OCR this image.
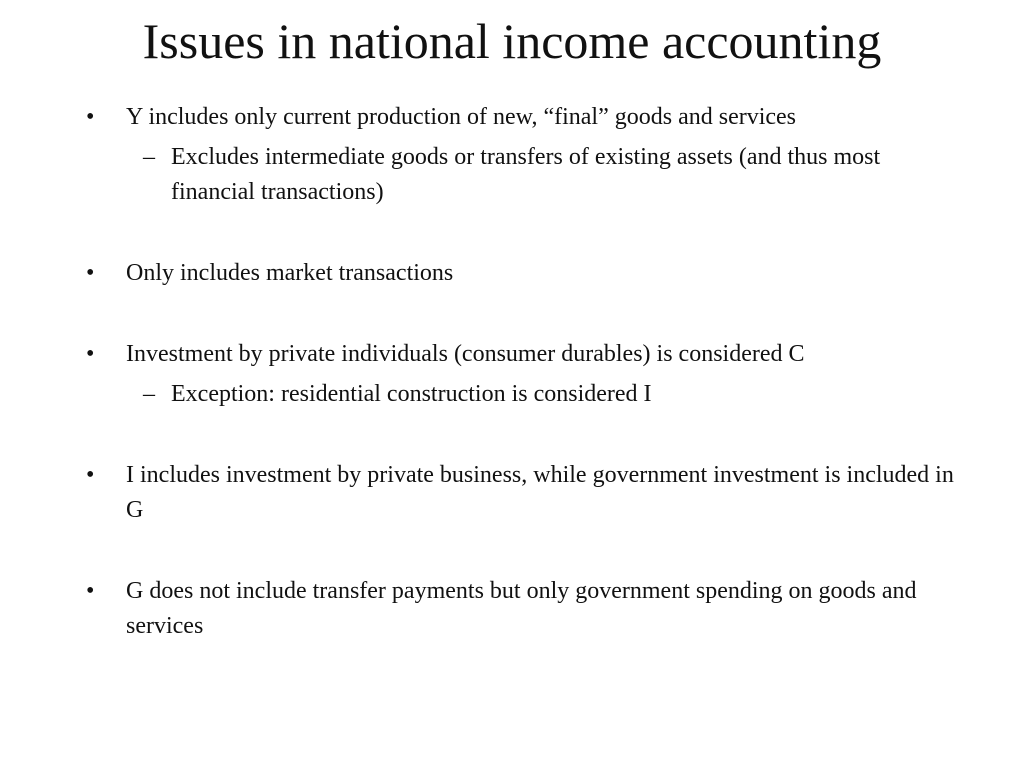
Issues in national income accounting
•	Y includes only current production of new, “final” goods and services
– Excludes intermediate goods or transfers of existing assets (and thus most financial transactions)
•	Only includes market transactions
•	Investment by private individuals (consumer durables) is considered C
– Exception: residential construction is considered I
•	I includes investment by private business, while government investment is included in G
•	G does not include transfer payments but only government spending on goods and services
